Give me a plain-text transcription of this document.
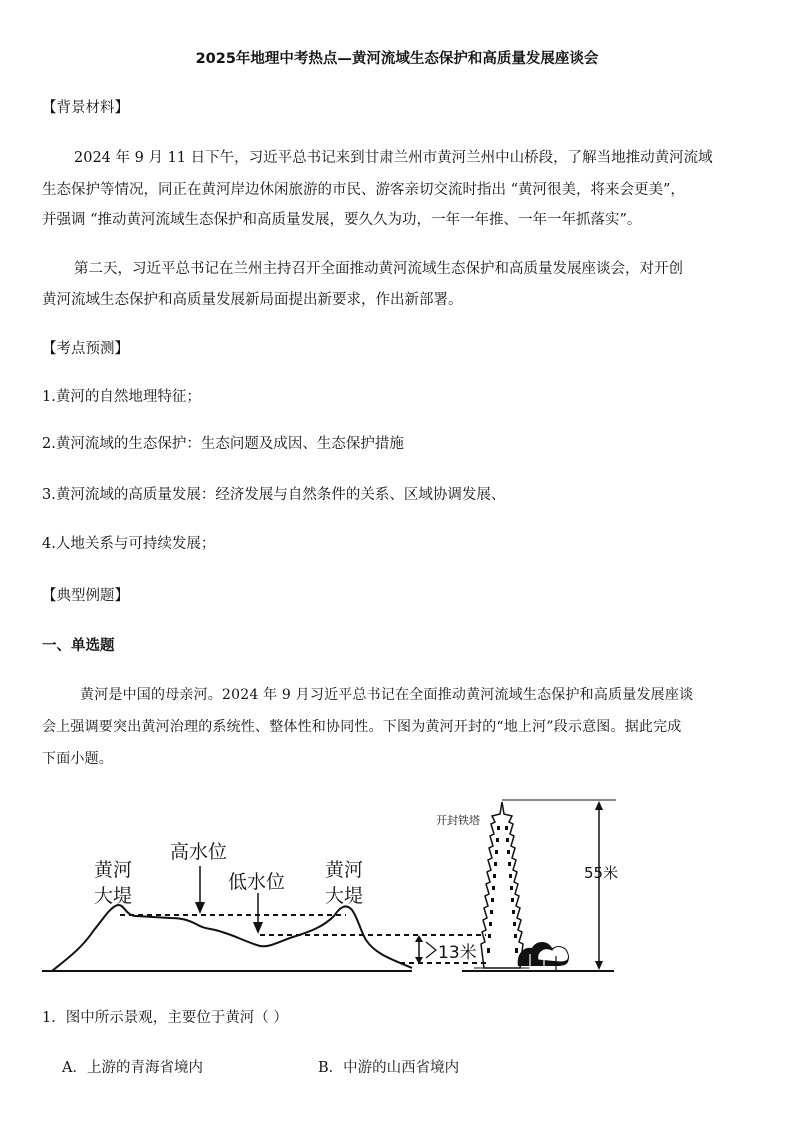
2025年地理中考热点—黄河流域生态保护和高质量发展座谈会
【背景材料】
2024 年 9 月 11 日下午，习近平总书记来到甘肃兰州市黄河兰州中山桥段，了解当地推动黄河流域
生态保护等情况，同正在黄河岸边休闲旅游的市民、游客亲切交流时指出 “黄河很美，将来会更美”，
并强调 “推动黄河流域生态保护和高质量发展，要久久为功，一年一年推、一年一年抓落实”。
第二天，习近平总书记在兰州主持召开全面推动黄河流域生态保护和高质量发展座谈会，对开创
黄河流域生态保护和高质量发展新局面提出新要求，作出新部署。
【考点预测】
1.黄河的自然地理特征；
2.黄河流域的生态保护：生态问题及成因、生态保护措施
3.黄河流域的高质量发展：经济发展与自然条件的关系、区域协调发展、
4.人地关系与可持续发展；
【典型例题】
一、单选题
黄河是中国的母亲河。2024 年 9 月习近平总书记在全面推动黄河流域生态保护和高质量发展座谈
会上强调要突出黄河治理的系统性、整体性和协同性。下图为黄河开封的“地上河”段示意图。据此完成
下面小题。
黄河
大堤
黄河
大堤
高水位
低水位
13米
开封铁塔
55米
1．图中所示景观，主要位于黄河（ ）
A．上游的青海省境内	B．中游的山西省境内
